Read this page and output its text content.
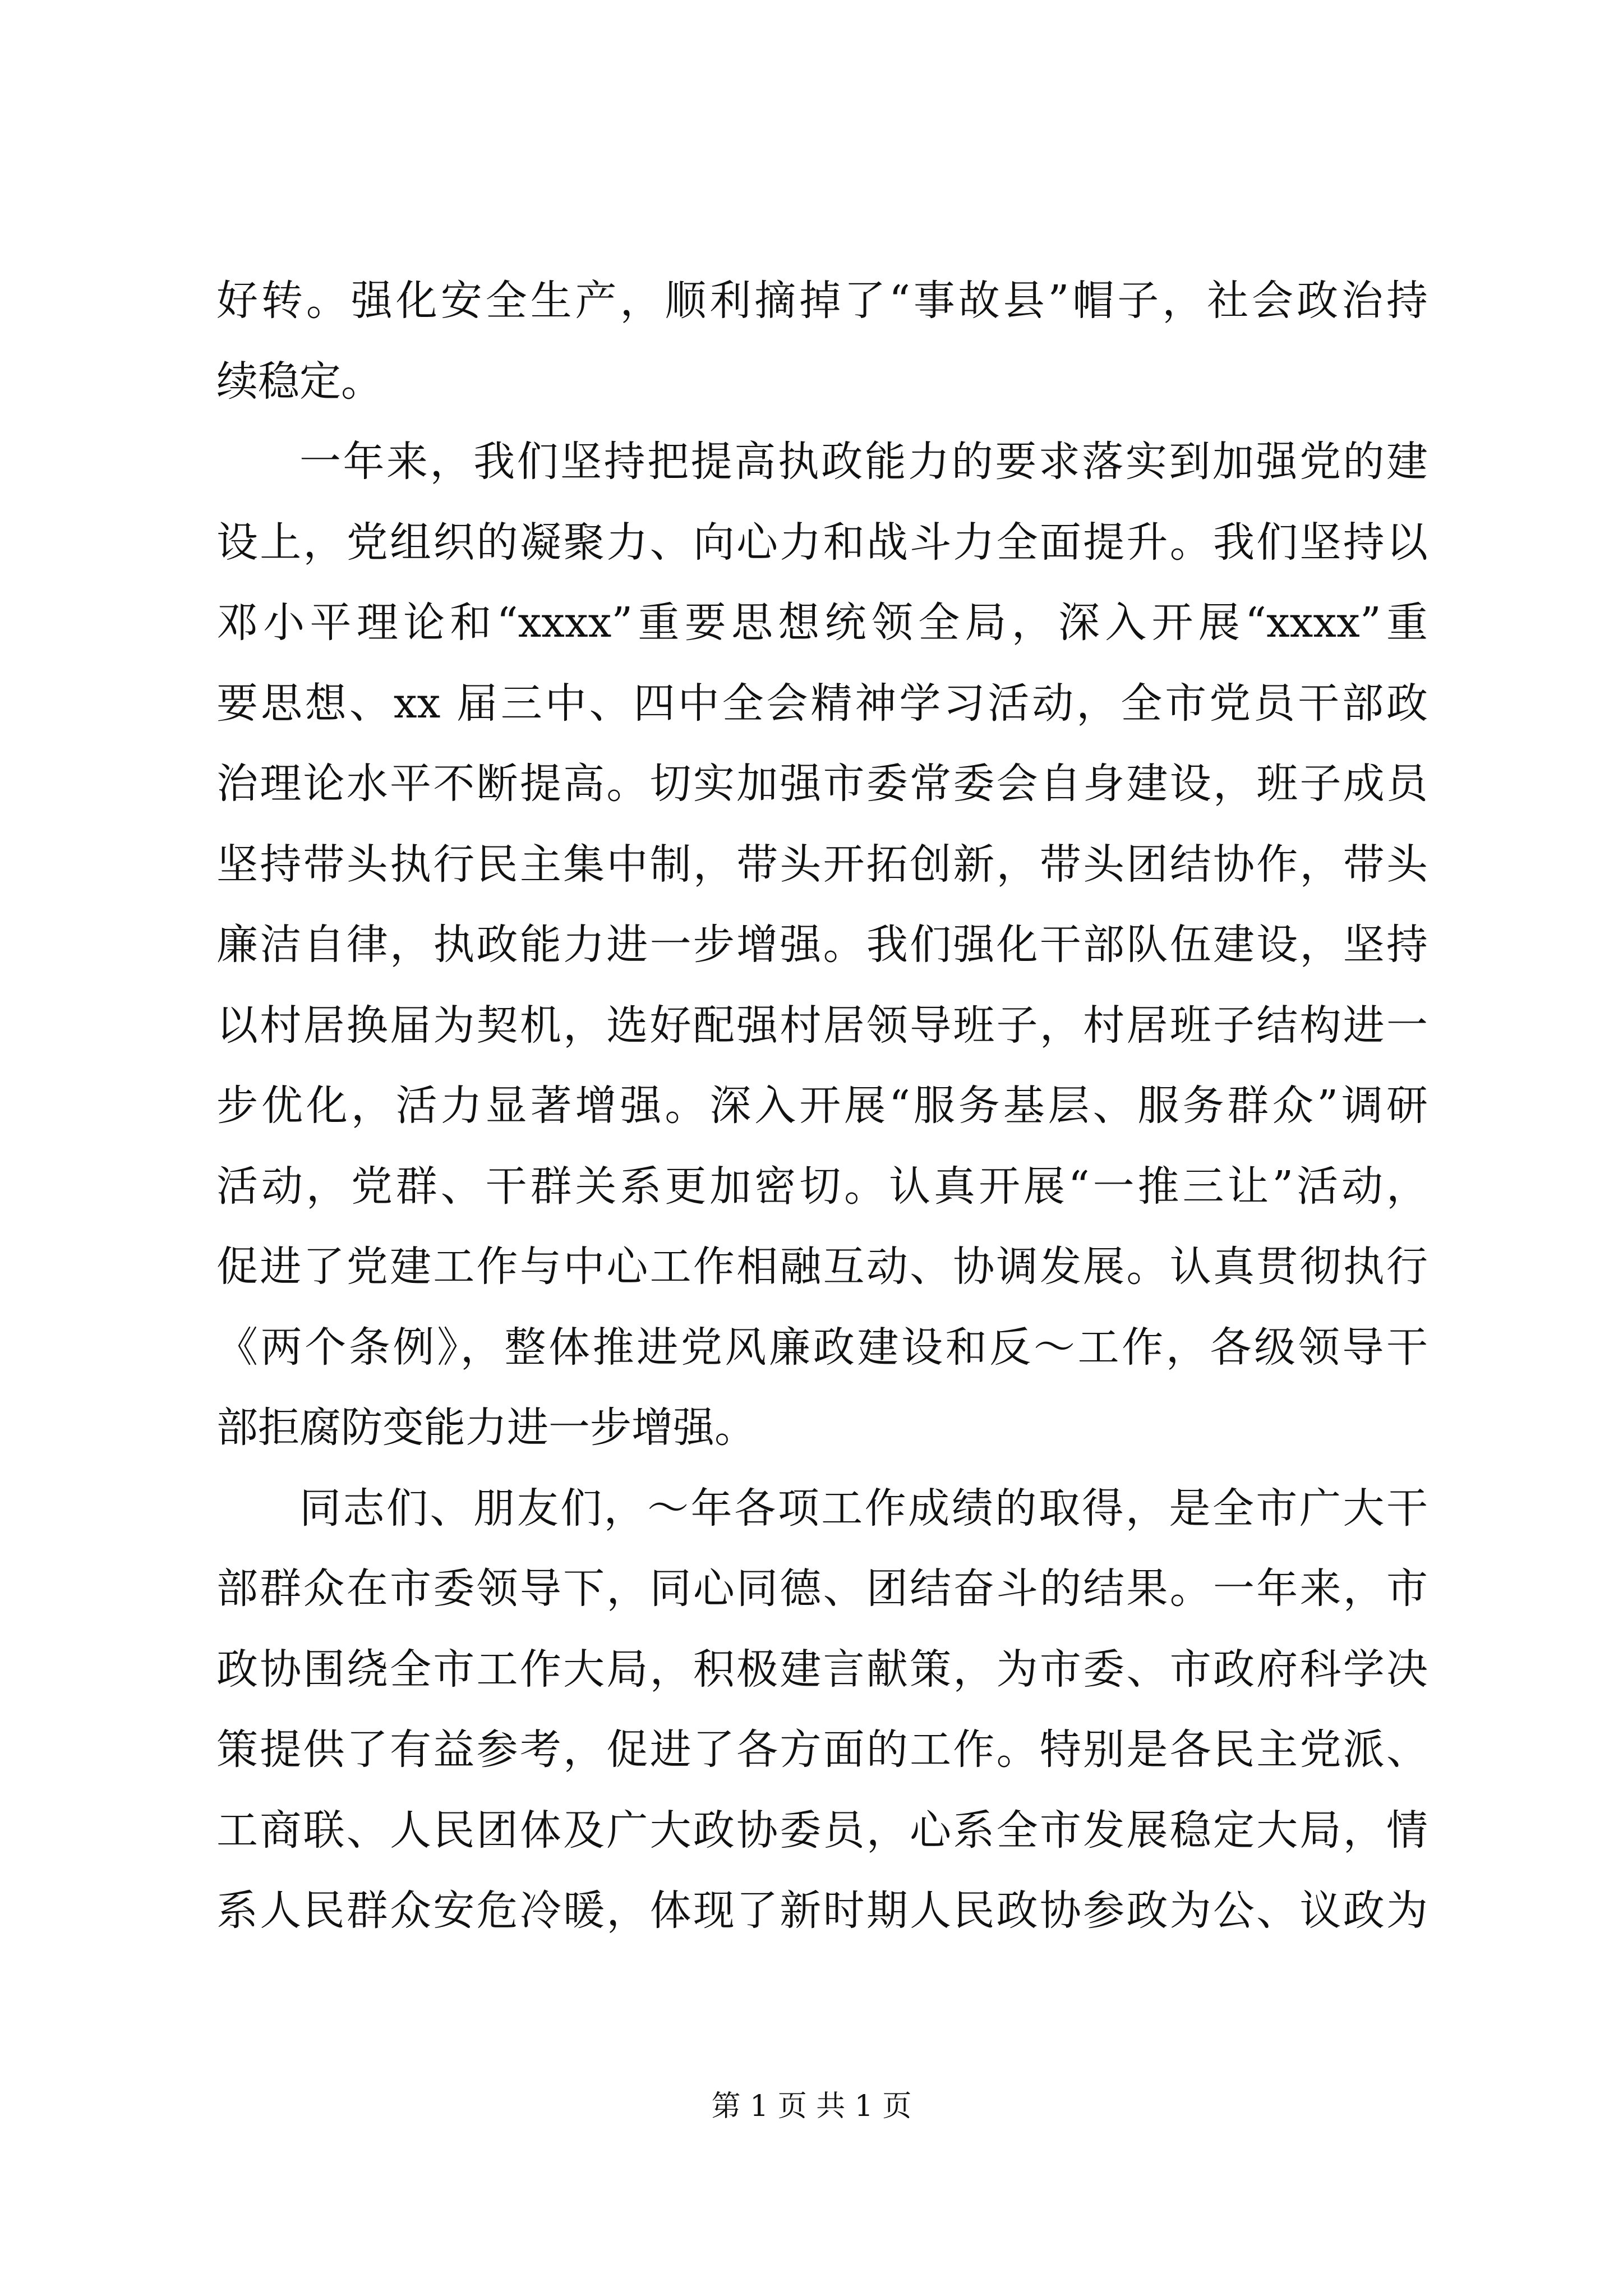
好转。强化安全生产，顺利摘掉了“事故县”帽子，社会政治持
续稳定。
一年来，我们坚持把提高执政能力的要求落实到加强党的建
设上，党组织的凝聚力、向心力和战斗力全面提升。我们坚持以
邓小平理论和“xxxx”重要思想统领全局，深入开展“xxxx”重
要思想、xx 届三中、四中全会精神学习活动，全市党员干部政
治理论水平不断提高。切实加强市委常委会自身建设，班子成员
坚持带头执行民主集中制，带头开拓创新，带头团结协作，带头
廉洁自律，执政能力进一步增强。我们强化干部队伍建设，坚持
以村居换届为契机，选好配强村居领导班子，村居班子结构进一
步优化，活力显著增强。深入开展“服务基层、服务群众”调研
活动，党群、干群关系更加密切。认真开展“一推三让”活动，
促进了党建工作与中心工作相融互动、协调发展。认真贯彻执行
《两个条例》，整体推进党风廉政建设和反～工作，各级领导干
部拒腐防变能力进一步增强。
同志们、朋友们，～年各项工作成绩的取得，是全市广大干
部群众在市委领导下，同心同德、团结奋斗的结果。一年来，市
政协围绕全市工作大局，积极建言献策，为市委、市政府科学决
策提供了有益参考，促进了各方面的工作。特别是各民主党派、
工商联、人民团体及广大政协委员，心系全市发展稳定大局，情
系人民群众安危冷暖，体现了新时期人民政协参政为公、议政为
第 1 页 共 1 页
